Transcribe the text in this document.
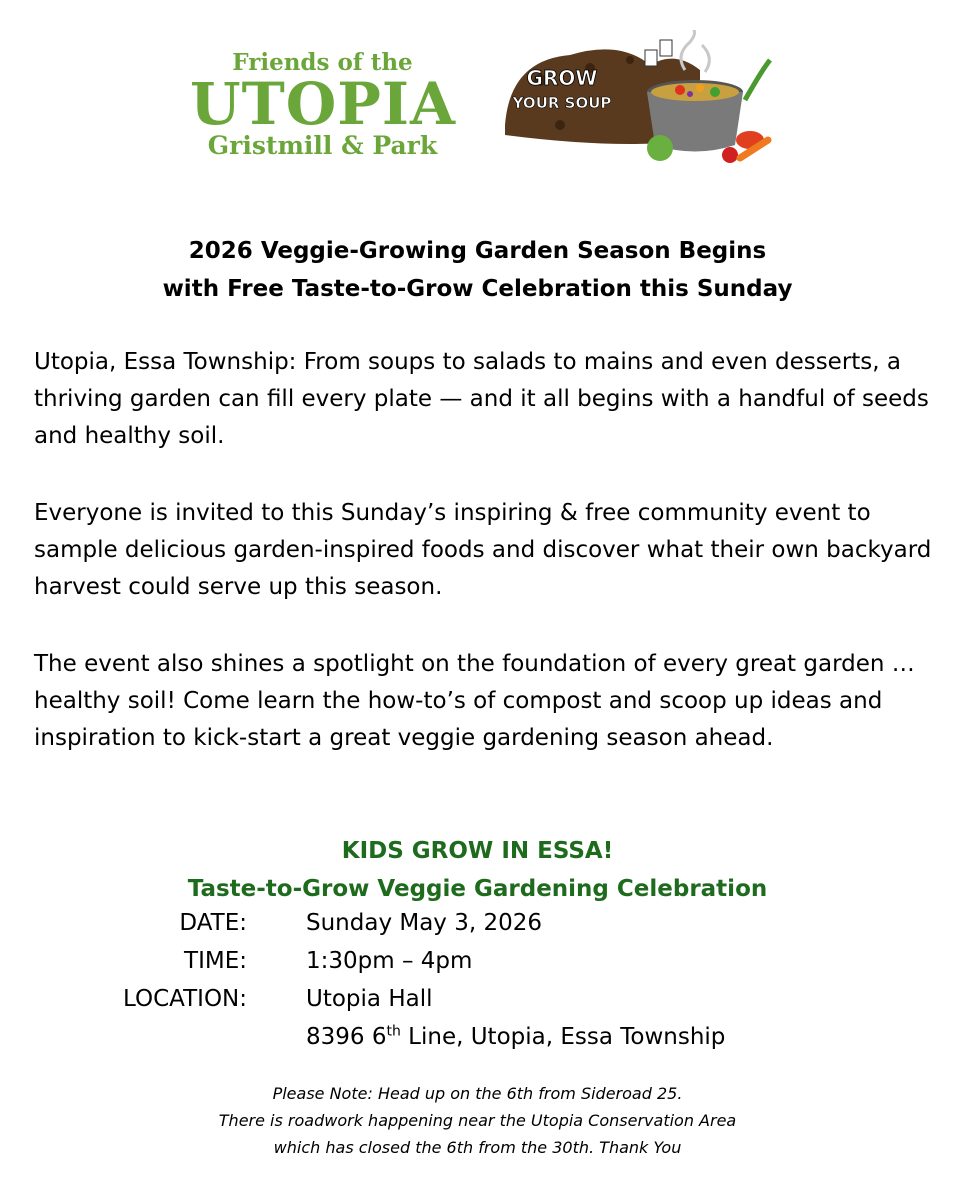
Friends of the
UTOPIA
Gristmill & Park
GROW
YOUR SOUP
2026 Veggie-Growing Garden Season Begins
with Free Taste-to-Grow Celebration this Sunday
Utopia, Essa Township: From soups to salads to mains and even desserts, a thriving garden can fill every plate — and it all begins with a handful of seeds and healthy soil.
Everyone is invited to this Sunday’s inspiring & free community event to sample delicious garden-inspired foods and discover what their own backyard harvest could serve up this season.
The event also shines a spotlight on the foundation of every great garden … healthy soil! Come learn the how-to’s of compost and scoop up ideas and inspiration to kick-start a great veggie gardening season ahead.
KIDS GROW IN ESSA!
Taste-to-Grow Veggie Gardening Celebration
DATE:	Sunday May 3, 2026
TIME:	1:30pm – 4pm
LOCATION:	Utopia Hall
8396 6th Line, Utopia, Essa Township
Please Note: Head up on the 6th from Sideroad 25.
There is roadwork happening near the Utopia Conservation Area
which has closed the 6th from the 30th. Thank You
